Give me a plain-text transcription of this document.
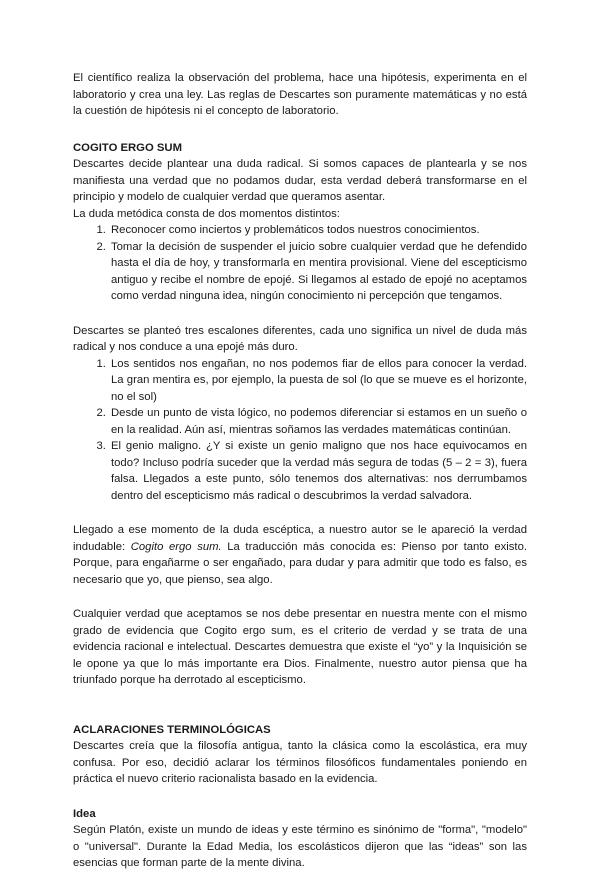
El científico realiza la observación del problema, hace una hipótesis, experimenta en el laboratorio y crea una ley. Las reglas de Descartes son puramente matemáticas y no está la cuestión de hipótesis ni el concepto de laboratorio.

COGITO ERGO SUM

Descartes decide plantear una duda radical. Si somos capaces de plantearla y se nos manifiesta una verdad que no podamos dudar, esta verdad deberá transformarse en el principio y modelo de cualquier verdad que queramos asentar.

La duda metódica consta de dos momentos distintos:

1. Reconocer como inciertos y problemáticos todos nuestros conocimientos.
2. Tomar la decisión de suspender el juicio sobre cualquier verdad que he defendido hasta el día de hoy, y transformarla en mentira provisional. Viene del escepticismo antiguo y recibe el nombre de epojé. Si llegamos al estado de epojé no aceptamos como verdad ninguna idea, ningún conocimiento ni percepción que tengamos.

Descartes se planteó tres escalones diferentes, cada uno significa un nivel de duda más radical y nos conduce a una epojé más duro.

1. Los sentidos nos engañan, no nos podemos fiar de ellos para conocer la verdad. La gran mentira es, por ejemplo, la puesta de sol (lo que se mueve es el horizonte, no el sol)
2. Desde un punto de vista lógico, no podemos diferenciar si estamos en un sueño o en la realidad. Aún así, mientras soñamos las verdades matemáticas continúan.
3. El genio maligno. ¿Y si existe un genio maligno que nos hace equivocamos en todo? Incluso podría suceder que la verdad más segura de todas (5 – 2 = 3), fuera falsa. Llegados a este punto, sólo tenemos dos alternativas: nos derrumbamos dentro del escepticismo más radical o descubrimos la verdad salvadora.

Llegado a ese momento de la duda escéptica, a nuestro autor se le apareció la verdad indudable: Cogito ergo sum. La traducción más conocida es: Pienso por tanto existo. Porque, para engañarme o ser engañado, para dudar y para admitir que todo es falso, es necesario que yo, que pienso, sea algo.

Cualquier verdad que aceptamos se nos debe presentar en nuestra mente con el mismo grado de evidencia que Cogito ergo sum, es el criterio de verdad y se trata de una evidencia racional e intelectual. Descartes demuestra que existe el “yo” y la Inquisición se le opone ya que lo más importante era Dios. Finalmente, nuestro autor piensa que ha triunfado porque ha derrotado al escepticismo.

ACLARACIONES TERMINOLÓGICAS

Descartes creía que la filosofía antigua, tanto la clásica como la escolástica, era muy confusa. Por eso, decidió aclarar los términos filosóficos fundamentales poniendo en práctica el nuevo criterio racionalista basado en la evidencia.

Idea

Según Platón, existe un mundo de ideas y este término es sinónimo de "forma", "modelo" o "universal". Durante la Edad Media, los escolásticos dijeron que las “ideas” son las esencias que forman parte de la mente divina.
